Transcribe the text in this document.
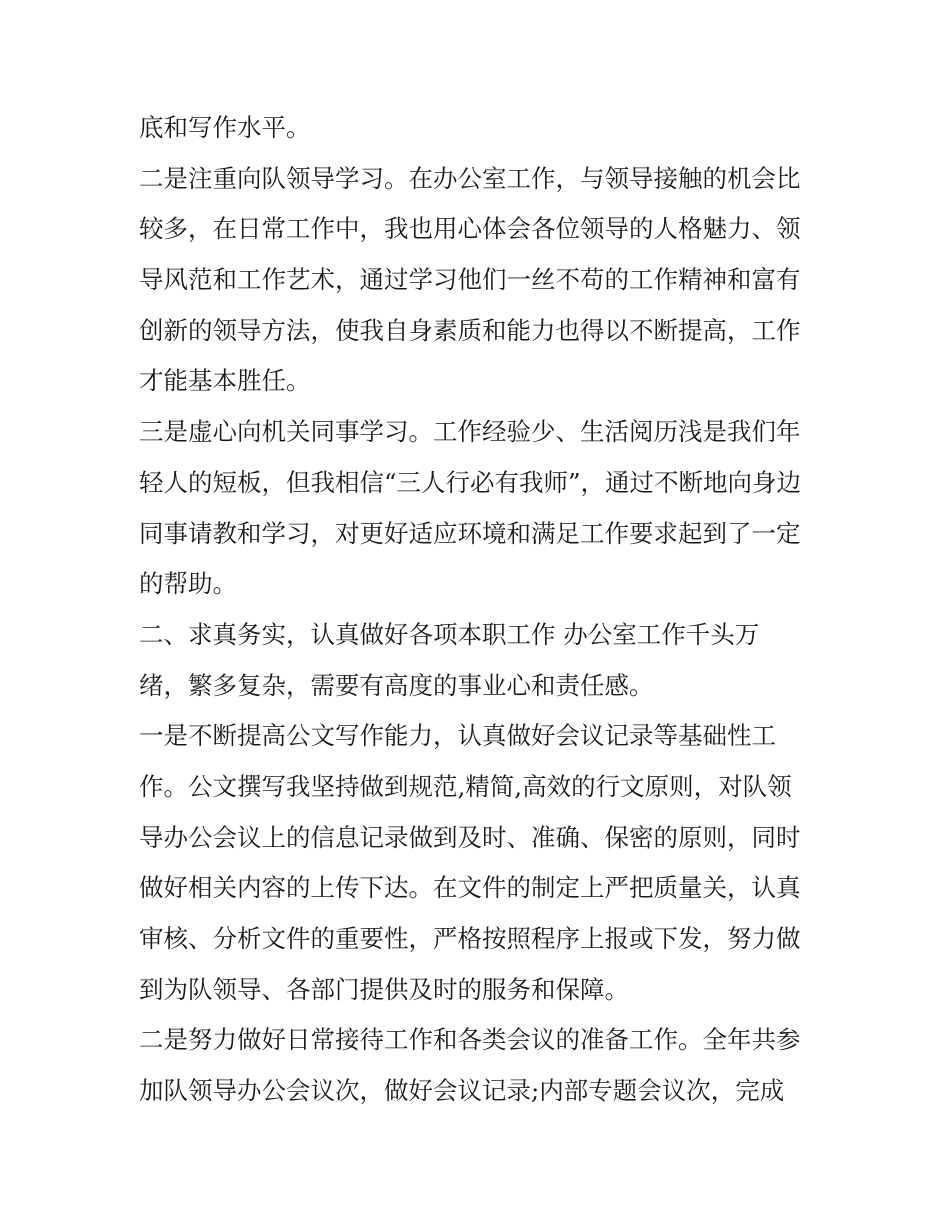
底和写作水平。
二是注重向队领导学习。在办公室工作，与领导接触的机会比
较多，在日常工作中，我也用心体会各位领导的人格魅力、领
导风范和工作艺术，通过学习他们一丝不苟的工作精神和富有
创新的领导方法，使我自身素质和能力也得以不断提高，工作
才能基本胜任。
三是虚心向机关同事学习。工作经验少、生活阅历浅是我们年
轻人的短板，但我相信“三人行必有我师”，通过不断地向身边
同事请教和学习，对更好适应环境和满足工作要求起到了一定
的帮助。
二、求真务实，认真做好各项本职工作 办公室工作千头万
绪，繁多复杂，需要有高度的事业心和责任感。
一是不断提高公文写作能力，认真做好会议记录等基础性工
作。公文撰写我坚持做到规范,精简,高效的行文原则，对队领
导办公会议上的信息记录做到及时、准确、保密的原则，同时
做好相关内容的上传下达。在文件的制定上严把质量关，认真
审核、分析文件的重要性，严格按照程序上报或下发，努力做
到为队领导、各部门提供及时的服务和保障。
二是努力做好日常接待工作和各类会议的准备工作。全年共参
加队领导办公会议次，做好会议记录;内部专题会议次，完成
